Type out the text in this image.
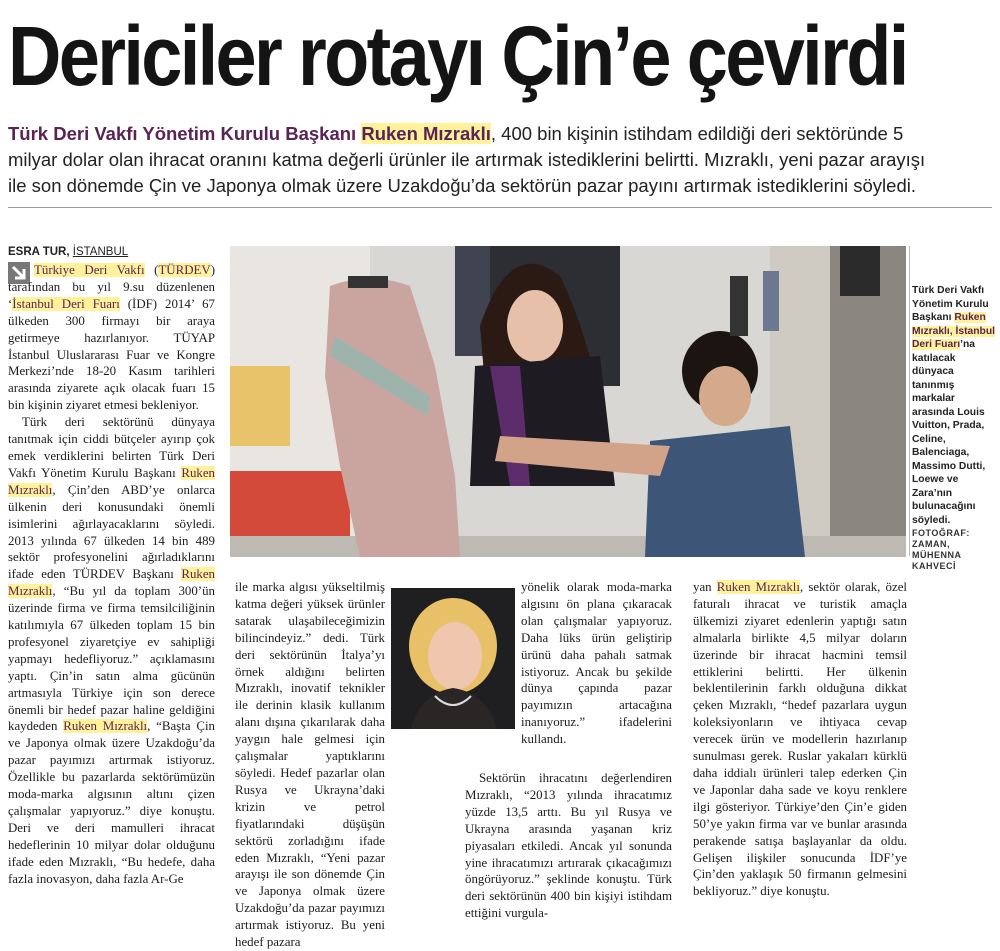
Dericiler rotayı Çin’e çevirdi
Türk Deri Vakfı Yönetim Kurulu Başkanı Ruken Mızraklı, 400 bin kişinin istihdam edildiği deri sektöründe 5 milyar dolar olan ihracat oranını katma değerli ürünler ile artırmak istediklerini belirtti. Mızraklı, yeni pazar arayışı ile son dönemde Çin ve Japonya olmak üzere Uzakdoğu’da sektörün pazar payını artırmak istediklerini söyledi.
ESRA TUR, İSTANBUL

Türkiye Deri Vakfı (TÜRDEV) tarafından bu yıl 9.su düzenlenen ‘İstanbul Deri Fuarı (İDF) 2014’ 67 ülkeden 300 firmayı bir araya getirmeye hazırlanıyor. TÜYAP İstanbul Uluslararası Fuar ve Kongre Merkezi’nde 18-20 Kasım tarihleri arasında ziyarete açık olacak fuarı 15 bin kişinin ziyaret etmesi bekleniyor.

Türk deri sektörünü dünyaya tanıtmak için ciddi bütçeler ayırıp çok emek verdiklerini belirten Türk Deri Vakfı Yönetim Kurulu Başkanı Ruken Mızraklı, Çin’den ABD’ye onlarca ülkenin deri konusundaki önemli isimlerini ağırlayacaklarını söyledi. 2013 yılında 67 ülkeden 14 bin 489 sektör profesyonelini ağırladıklarını ifade eden TÜRDEV Başkanı Ruken Mızraklı, “Bu yıl da toplam 300’ün üzerinde firma ve firma temsilciliğinin katılımıyla 67 ülkeden toplam 15 bin profesyonel ziyaretçiye ev sahipliği yapmayı hedefliyoruz.” açıklamasını yaptı. Çin’in satın alma gücünün artmasıyla Türkiye için son derece önemli bir hedef pazar haline geldiğini kaydeden Ruken Mızraklı, “Başta Çin ve Japonya olmak üzere Uzakdoğu’da pazar payımızı artırmak istiyoruz. Özellikle bu pazarlarda sektörümüzün moda-marka algısının altını çizen çalışmalar yapıyoruz.” diye konuştu. Deri ve deri mamulleri ihracat hedeflerinin 10 milyar dolar olduğunu ifade eden Mızraklı, “Bu hedefe, daha fazla inovasyon, daha fazla Ar-Ge

Türk Deri Vakfı Yönetim Kurulu Başkanı Ruken Mızraklı, İstanbul Deri Fuarı’na katılacak dünyaca tanınmış markalar arasında Louis Vuitton, Prada, Celine, Balenciaga, Massimo Dutti, Loewe ve Zara’nın bulunacağını söyledi.
FOTOĞRAF: ZAMAN, MÜHENNA KAHVECİ

ile marka algısı yükseltilmiş katma değeri yüksek ürünler satarak ulaşabileceğimizin bilincindeyiz.” dedi. Türk deri sektörünün İtalya’yı örnek aldığını belirten Mızraklı, inovatif teknikler ile derinin klasik kullanım alanı dışına çıkarılarak daha yaygın hale gelmesi için çalışmalar yaptıklarını söyledi. Hedef pazarlar olan Rusya ve Ukrayna’daki krizin ve petrol fiyatlarındaki düşüşün sektörü zorladığını ifade eden Mızraklı, “Yeni pazar arayışı ile son dönemde Çin ve Japonya olmak üzere Uzakdoğu’da pazar payımızı artırmak istiyoruz. Bu yeni hedef pazara

yönelik olarak moda-marka algısını ön plana çıkaracak olan çalışmalar yapıyoruz. Daha lüks ürün geliştirip ürünü daha pahalı satmak istiyoruz. Ancak bu şekilde dünya çapında pazar payımızın artacağına inanıyoruz.” ifadelerini kullandı.

yan Ruken Mızraklı, sektör olarak, özel faturalı ihracat ve turistik amaçla ülkemizi ziyaret edenlerin yaptığı satın almalarla birlikte 4,5 milyar doların üzerinde bir ihracat hacmini temsil ettiklerini belirtti. Her ülkenin beklentilerinin farklı olduğuna dikkat çeken Mızraklı, “hedef pazarlara uygun koleksiyonların ve ihtiyaca cevap verecek ürün ve modellerin hazırlanıp sunulması gerek. Ruslar yakaları kürklü daha iddialı ürünleri talep ederken Çin ve Japonlar daha sade ve koyu renklere ilgi gösteriyor. Türkiye’den Çin’e giden 50’ye yakın firma var ve bunlar arasında perakende satışa başlayanlar da oldu. Gelişen ilişkiler sonucunda İDF’ye Çin’den yaklaşık 50 firmanın gelmesini bekliyoruz.” diye konuştu.

Sektörün ihracatını değerlendiren Mızraklı, “2013 yılında ihracatımız yüzde 13,5 arttı. Bu yıl Rusya ve Ukrayna arasında yaşanan kriz piyasaları etkiledi. Ancak yıl sonunda yine ihracatımızı artırarak çıkacağımızı öngörüyoruz.” şeklinde konuştu. Türk deri sektörünün 400 bin kişiyi istihdam ettiğini vurgula-
